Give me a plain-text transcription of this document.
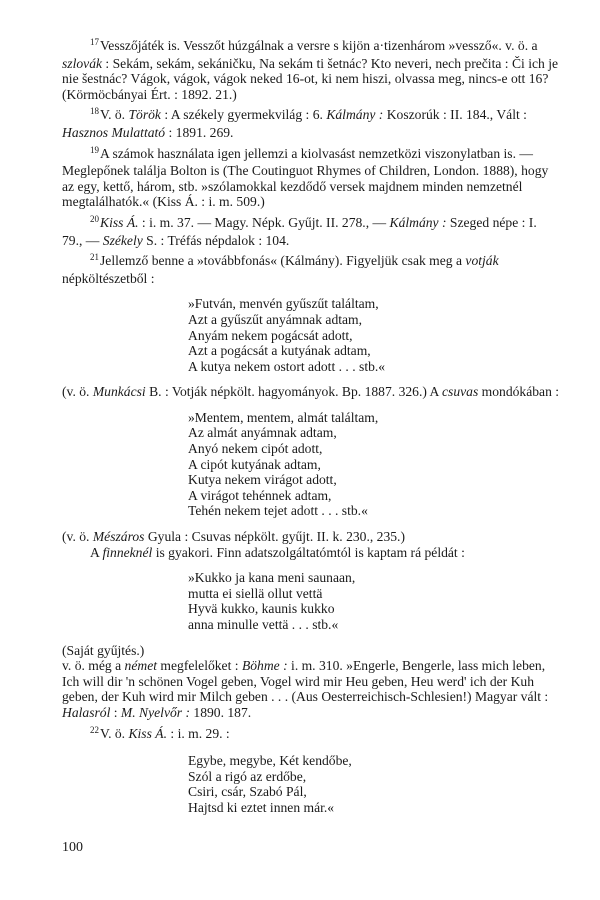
$^{17}$Vesszőjáték is. Vesszőt húzgálnak a versre s kijön a·tizenhárom »vessző«. v. ö. a szlovák : Sekám, sekám, sekáničku, Na sekám ti šetnác? Kto neveri, nech prečita : Či ich je nie šestnác? Vágok, vágok, vágok neked 16-ot, ki nem hiszi, olvassa meg, nincs-e ott 16? (Körmöcbányai Ért. : 1892. 21.)

$^{18}$V. ö. Török : A székely gyermekvilág : 6. Kálmány : Koszorúk : II. 184., Vált : Hasznos Mulattató : 1891. 269.

$^{19}$A számok használata igen jellemzi a kiolvasást nemzetközi viszonylatban is. — Meglepőnek találja Bolton is (The Coutinguot Rhymes of Children, London. 1888), hogy az egy, kettő, három, stb. »szólamokkal kezdődő versek majdnem minden nemzetnél megtalálhatók.« (Kiss Á. : i. m. 509.)

$^{20}$Kiss Á. : i. m. 37. — Magy. Népk. Gyűjt. II. 278., — Kálmány : Szeged népe : I. 79., — Székely S. : Tréfás népdalok : 104.

$^{21}$Jellemző benne a »továbbfonás« (Kálmány). Figyeljük csak meg a votják népköltészetből :

»Futván, menvén gyűszűt találtam,
Azt a gyűszűt anyámnak adtam,
Anyám nekem pogácsát adott,
Azt a pogácsát a kutyának adtam,
A kutya nekem ostort adott . . . stb.«

(v. ö. Munkácsi B. : Votják népkölt. hagyományok. Bp. 1887. 326.) A csuvas mondókában :

»Mentem, mentem, almát találtam,
Az almát anyámnak adtam,
Anyó nekem cipót adott,
A cipót kutyának adtam,
Kutya nekem virágot adott,
A virágot tehénnek adtam,
Tehén nekem tejet adott . . . stb.«

(v. ö. Mészáros Gyula : Csuvas népkölt. gyűjt. II. k. 230., 235.)
A finneknél is gyakori. Finn adatszolgáltatómtól is kaptam rá példát :

»Kukko ja kana meni saunaan,
mutta ei siellä ollut vettä
Hyvä kukko, kaunis kukko
anna minulle vettä . . . stb.«
(Saját gyűjtés.)

v. ö. még a német megfelelőket : Böhme : i. m. 310. »Engerle, Bengerle, lass mich leben, Ich will dir 'n schönen Vogel geben, Vogel wird mir Heu geben, Heu werd' ich der Kuh geben, der Kuh wird mir Milch geben . . . (Aus Oesterreichisch-Schlesien!) Magyar vált : Halasról : M. Nyelvőr : 1890. 187.

$^{22}$V. ö. Kiss Á. : i. m. 29. :

Egybe, megybe, Két kendőbe,
Szól a rigó az erdőbe,
Csiri, csár, Szabó Pál,
Hajtsd ki eztet innen már.«
100
